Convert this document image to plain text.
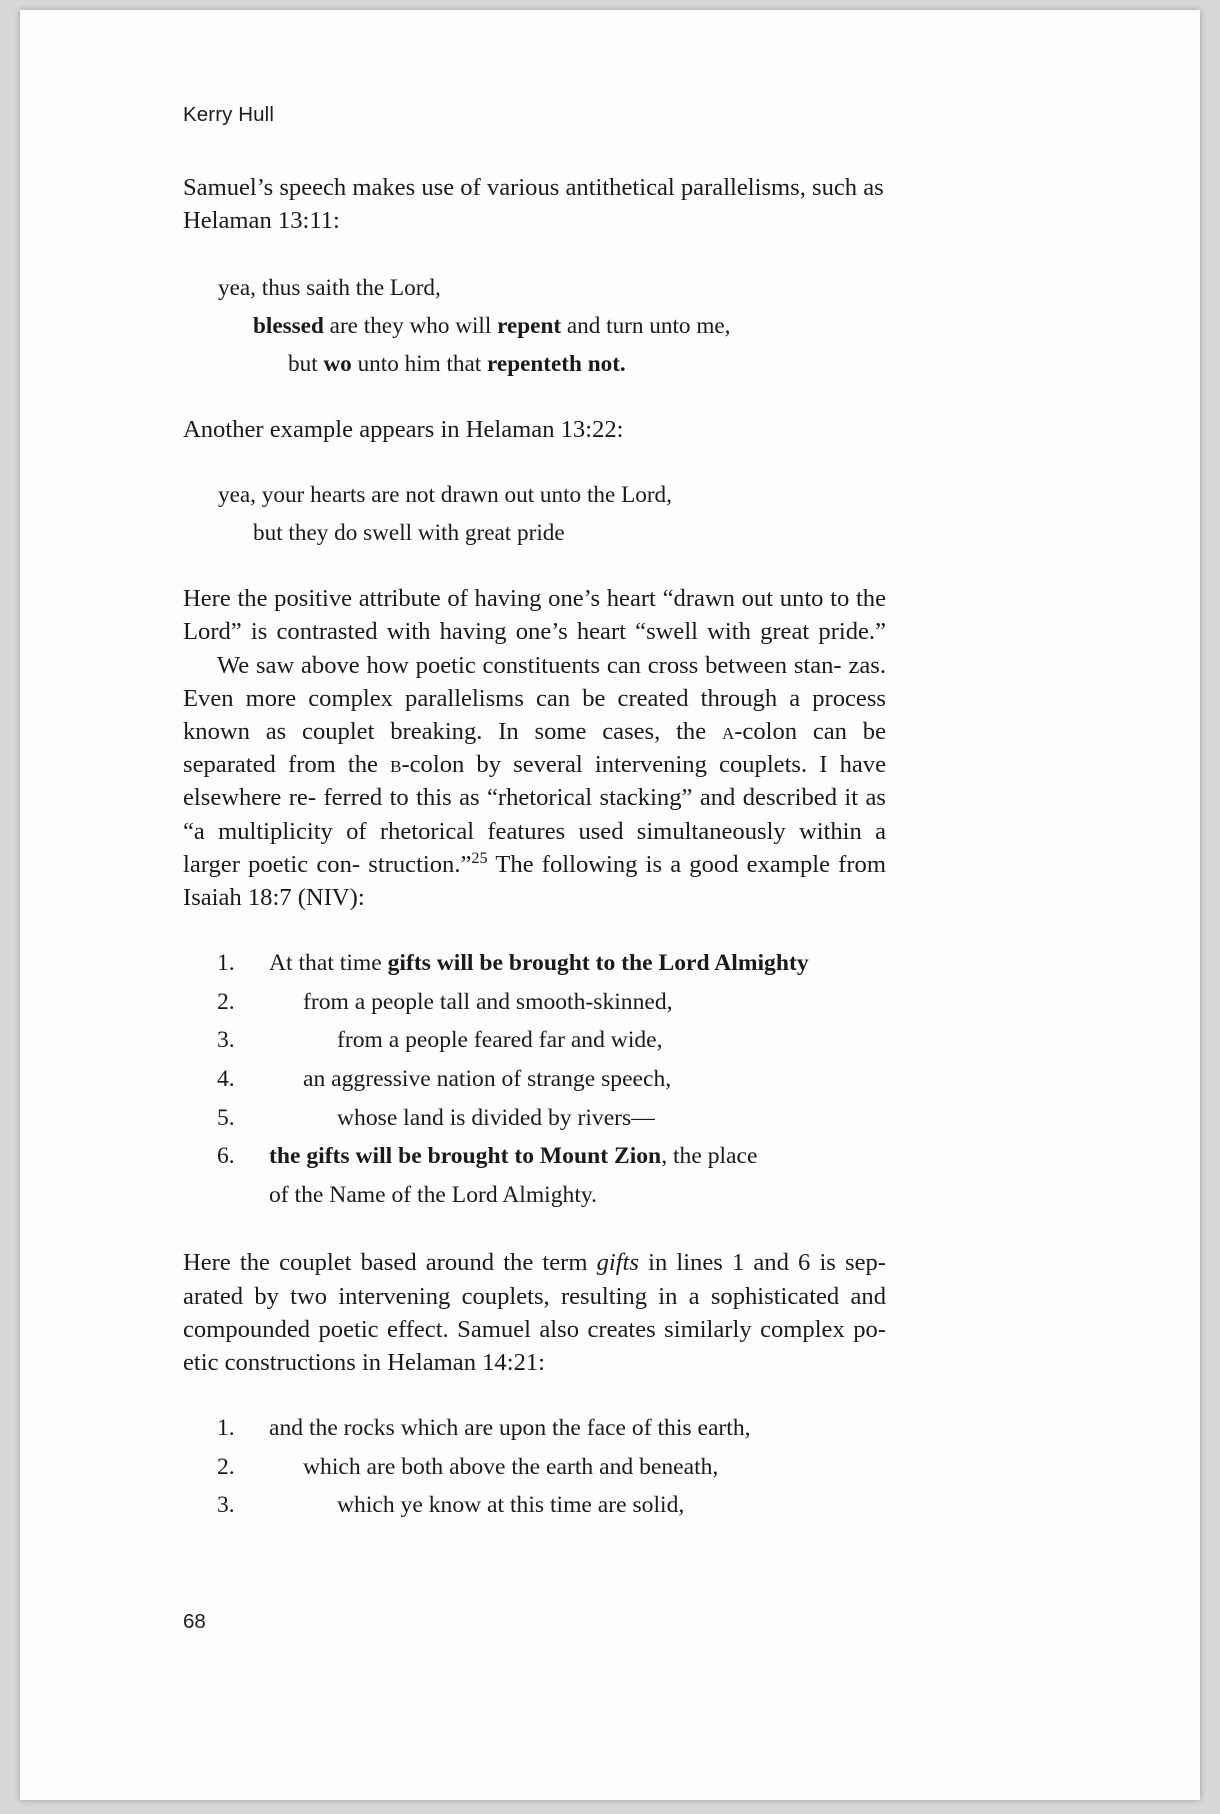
Kerry Hull

Samuel’s speech makes use of various antithetical parallelisms, such as
Helaman 13:11:

yea, thus saith the Lord,
blessed are they who will repent and turn unto me,
but wo unto him that repenteth not.

Another example appears in Helaman 13:22:

yea, your hearts are not drawn out unto the Lord,
but they do swell with great pride

Here the positive attribute of having one’s heart “drawn out unto to the Lord” is contrasted with having one’s heart “swell with great pride.” We saw above how poetic constituents can cross between stan- zas. Even more complex parallelisms can be created through a process known as couplet breaking. In some cases, the a-colon can be separated from the b-colon by several intervening couplets. I have elsewhere re- ferred to this as “rhetorical stacking” and described it as “a multiplicity of rhetorical features used simultaneously within a larger poetic con- struction.”$^{25}$ The following is a good example from Isaiah 18:7 (NIV):

1.	At that time gifts will be brought to the Lord Almighty
2.	from a people tall and smooth-skinned,
3.	from a people feared far and wide,
4.	an aggressive nation of strange speech,
5.	whose land is divided by rivers—
6.	the gifts will be brought to Mount Zion, the place
of the Name of the Lord Almighty.

Here the couplet based around the term gifts in lines 1 and 6 is sep- arated by two intervening couplets, resulting in a sophisticated and compounded poetic effect. Samuel also creates similarly complex po- etic constructions in Helaman 14:21:

1.	and the rocks which are upon the face of this earth,
2.	which are both above the earth and beneath,
3.	which ye know at this time are solid,
68
